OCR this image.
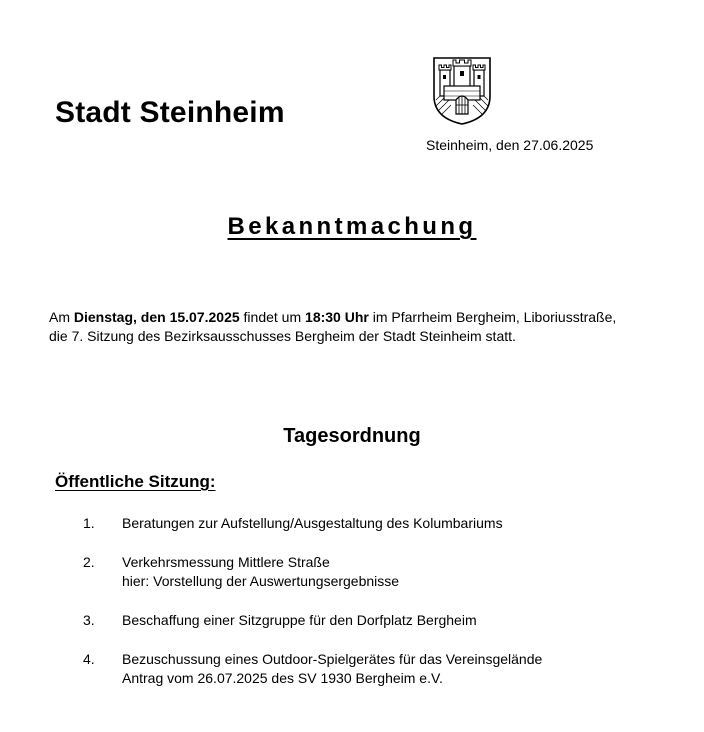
Stadt Steinheim
Steinheim, den 27.06.2025
Bekanntmachung
Am Dienstag, den 15.07.2025 findet um 18:30 Uhr im Pfarrheim Bergheim, Liboriusstraße,
die 7. Sitzung des Bezirksausschusses Bergheim der Stadt Steinheim statt.
Tagesordnung
Öffentliche Sitzung:
1.	Beratungen zur Aufstellung/Ausgestaltung des Kolumbariums
2.	Verkehrsmessung Mittlere Straße
hier: Vorstellung der Auswertungsergebnisse
3.	Beschaffung einer Sitzgruppe für den Dorfplatz Bergheim
4.	Bezuschussung eines Outdoor-Spielgerätes für das Vereinsgelände
Antrag vom 26.07.2025 des SV 1930 Bergheim e.V.
